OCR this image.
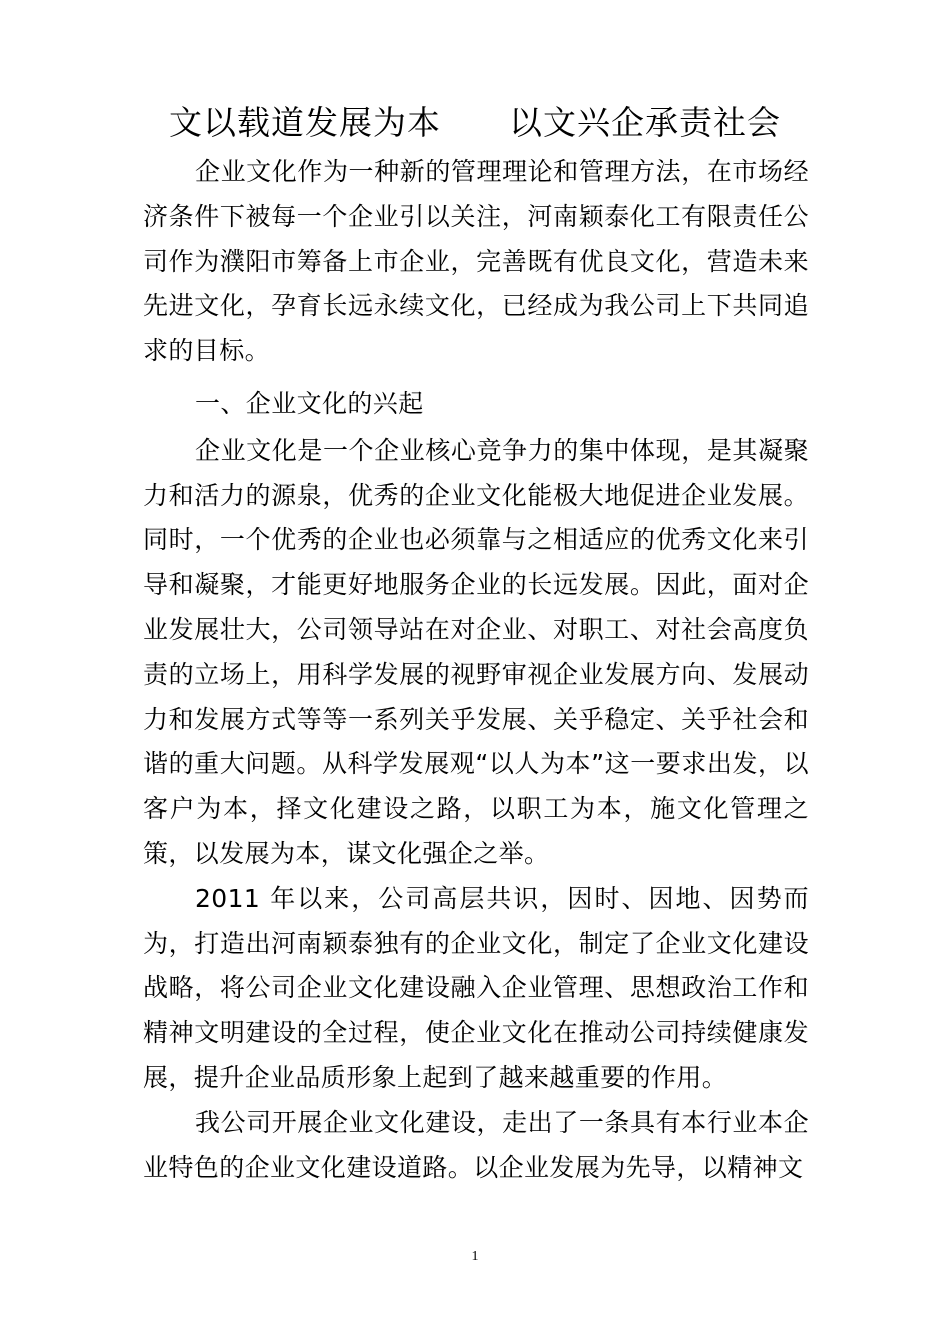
文以载道发展为本　　以文兴企承责社会

企业文化作为一种新的管理理论和管理方法，在市场经济条件下被每一个企业引以关注，河南颖泰化工有限责任公司作为濮阳市筹备上市企业，完善既有优良文化，营造未来先进文化，孕育长远永续文化，已经成为我公司上下共同追求的目标。

一、企业文化的兴起

企业文化是一个企业核心竞争力的集中体现，是其凝聚力和活力的源泉，优秀的企业文化能极大地促进企业发展。同时，一个优秀的企业也必须靠与之相适应的优秀文化来引导和凝聚，才能更好地服务企业的长远发展。因此，面对企业发展壮大，公司领导站在对企业、对职工、对社会高度负责的立场上，用科学发展的视野审视企业发展方向、发展动力和发展方式等等一系列关乎发展、关乎稳定、关乎社会和谐的重大问题。从科学发展观“以人为本”这一要求出发，以客户为本，择文化建设之路，以职工为本，施文化管理之策，以发展为本，谋文化强企之举。

2011 年以来，公司高层共识，因时、因地、因势而为，打造出河南颖泰独有的企业文化，制定了企业文化建设战略，将公司企业文化建设融入企业管理、思想政治工作和精神文明建设的全过程，使企业文化在推动公司持续健康发展，提升企业品质形象上起到了越来越重要的作用。

我公司开展企业文化建设，走出了一条具有本行业本企业特色的企业文化建设道路。以企业发展为先导，以精神文

1
